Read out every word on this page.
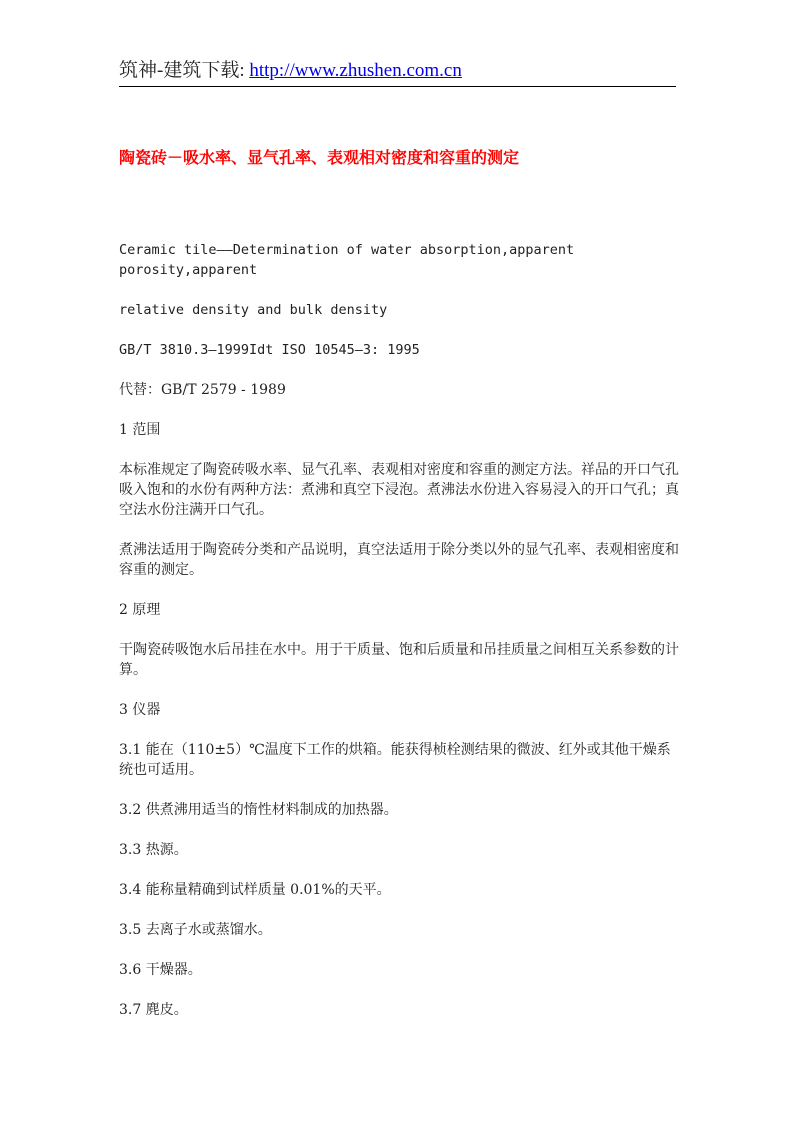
筑神-建筑下载: http://www.zhushen.com.cn
陶瓷砖－吸水率、显气孔率、表观相对密度和容重的测定

Ceramic tile——Determination of water absorption,apparent porosity,apparent

relative density and bulk density

GB/T 3810.3—1999Idt ISO 10545—3: 1995

代替：GB/T 2579 - 1989

1 范围

本标准规定了陶瓷砖吸水率、显气孔率、表观相对密度和容重的测定方法。祥品的开口气孔吸入饱和的水份有两种方法：煮沸和真空下浸泡。煮沸法水份进入容易浸入的开口气孔；真空法水份注满开口气孔。

煮沸法适用于陶瓷砖分类和产品说明，真空法适用于除分类以外的显气孔率、表观相密度和容重的测定。

2 原理

干陶瓷砖吸饱水后吊挂在水中。用于干质量、饱和后质量和吊挂质量之间相互关系参数的计算。

3 仪器

3.1 能在（110±5）℃温度下工作的烘箱。能获得桢栓测结果的微波、红外或其他干燥系统也可适用。

3.2 供煮沸用适当的惰性材料制成的加热器。

3.3 热源。

3.4 能称量精确到试样质量 0.01%的天平。

3.5 去离子水或蒸馏水。

3.6 干燥器。

3.7 麂皮。
